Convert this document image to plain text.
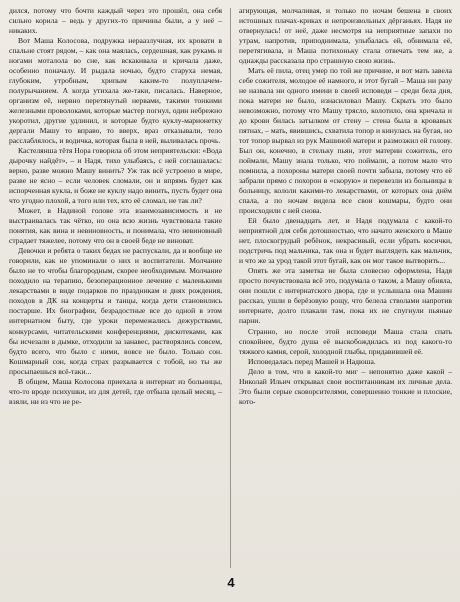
дился, потому что бочти каждый через это прошёл, она себя сильно корила – ведь у других-то причины были, а у неё – никаких.

Вот Маша Колосова, подружка нераазлучная, их кровати в спальне стоят рядом, – как она маялась, сердешная, как рукамь и ногами моталола во сне, как вскакивала и кричала даже, особенно поначалу. И рыдала ночью, будто старуха немая, глубоким, утробным, хрипым каким-то полуплачем-полурычанием. А когда утихала же-таки, писалась. Наверное, организм её, нервно перетянутый нервами, такими тонкими железными проволоками, которые мастер погнул, один небрежно укоротил, другие удлинил, и которые будто куклу-марионетку дергали Машу то вправо, то вверх, враз отказывали, тело расслаблялось, и водичка, которая была в ней, выливалась прочь.

Кастелянша тётя Нора говорила об этом неприятельски: «Вода дырочку найдёт», – и Надя, тихо улыбаясь, с ней соглашалась: верно, разве можно Машу винить? Уж так всё устроено в мире, разве не ясно – если человек сломали, он и впрямь будет как испорченная кукла, и боже не куклу надо винить, пусть будет она что угодно плохой, а того или тех, кто её сломал, не так ли?

Может, в Надиной голове эта взаимозависимость и не выстраивалась так чётко, но она всю жизнь чувствовала такие понятия, как вина и невиновность, и понимала, что невиновный страдает тяжелее, потому что он в своей беде не виноват.

Девочки и ребята о таких бедах не распускали, да и вообще не говорили, как не упоминали о них и воспитатели. Молчание было не то чтобы благородным, скорее необходимым. Молчание походило на терапию, безоперационное лечение с маленькими лекарствами в виде подарков по праздникам и днях рождения, походов в ДК на концерты и танцы, когда дети становились постарше. Их биографии, безрадостные все до одной в этом интернатном быту, где уроки перемежались дежурствами, конкурсами, читательскими конференциями, дискотеками, как бы исчезали в дымке, отходили за занавес, растворялись совсем, будто всего, что было с ними, вовсе не было. Только сон. Кошмарный сон, когда страх разрывается с тобой, но ты же просыпаешься всё-таки...

В общем, Маша Колосова приехала в интернат из больницы, что-то вроде психушки, из для детей, где отбыла целый месяц, – взяли, ни из что не ре-

агирующая, молчаливая, и только по ночам бешена в своих истошных плачах-криках и непроизвольных дёрганьях. Надя не отвернулась! от неё, даже несмотря на неприятные запахи по утрам, напротив, приподнимала, улыбалась ей, обнимала её, перетягивала, и Маша потихоньку стала отвечать тем же, а однажды рассказала про страшную свою жизнь.

Мать её пила, отец умер по той же причине, и вот мать завела себе сожителя, молодое её намного, и этот бугай – Маша ни разу не назвала ни одного имени в своей исповеди – среди бела дня, пока матери не было, изнасиловал Машу. Скрыть это было невозможно, потому что Машу трясло, колотило, она кричала и до крови билась затылком от стену – стена была в кровавых пятнах, – мать, явившись, схватила топор и кинулась на бугая, но тот топор вырвал из рук Машиной матери и размозжил ей голову. Был он, конечно, в стельку пьян, этот материн сожитель, его поймали, Машу знала только, что поймали, а потом мало что помнила, а похороны матери своей почти забыла, потому что её забрали прямо с похорон в «скорую» и перевезли из больницы в больницу, кололи какими-то лекарствами, от которых она днём спала, а по ночам видела все свои кошмары, будто они происходили с ней снова.

Ей было двенадцать лет, и Надя подумала с какой-то неприятной для себя дотошностью, что начато женского в Маше нет, плоскогрудый ребёнок, некрасивый, если убрать косички, подстричь под мальчика, так она и будет выглядеть как мальчик, и что же за урод такой этот бугай, как он мог такое вытворить...

Опять же эта заметка не была словесно оформлена, Надя просто почувствовала всё это, подумала о таком, а Машу обняла, они пошли с интернатского двора, где и услышала она Машин рассказ, ушли в берёзовую рощу, что белела стволами напротив интернате, долго плакали там, пока их не спугнули пьяные парни.

Странно, но после этой исповеди Маша стала спать спокойнее, будто душа её выскобождилась из под какого-то тяжкого камня, серой, холодной глыбы, придавившей её.

Исповедалась перед Машей и Надюша.

Дело в том, что в какой-то миг – непонятно даже какой – Николай Ильич открывал свои воспитанникам их личные дела. Это были серые сковорсителями, совершенно тонкие и плоские, кото-

4
